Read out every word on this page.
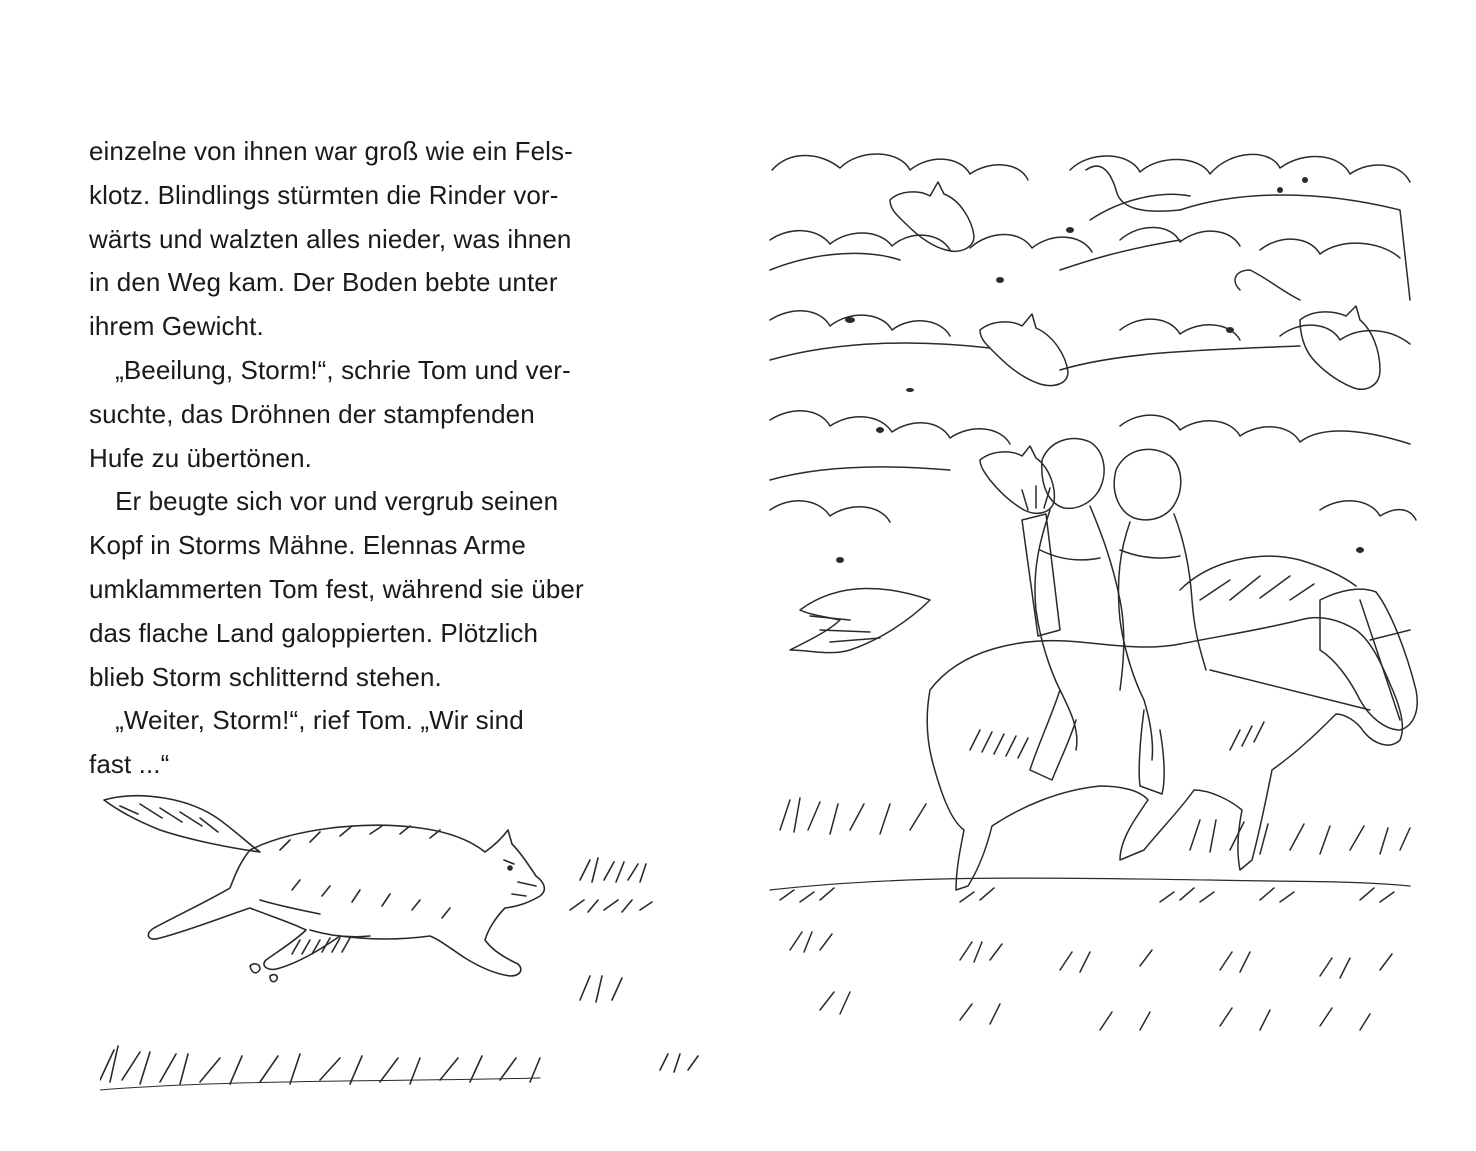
einzelne von ihnen war groß wie ein Fels-
klotz. Blindlings stürmten die Rinder vor-
wärts und walzten alles nieder, was ihnen
in den Weg kam. Der Boden bebte unter
ihrem Gewicht.
 „Beeilung, Storm!“, schrie Tom und ver-
suchte, das Dröhnen der stampfenden
Hufe zu übertönen.
 Er beugte sich vor und vergrub seinen
Kopf in Storms Mähne. Elennas Arme
umklammerten Tom fest, während sie über
das flache Land galoppierten. Plötzlich
blieb Storm schlitternd stehen.
 „Weiter, Storm!“, rief Tom. „Wir sind
fast ...“
